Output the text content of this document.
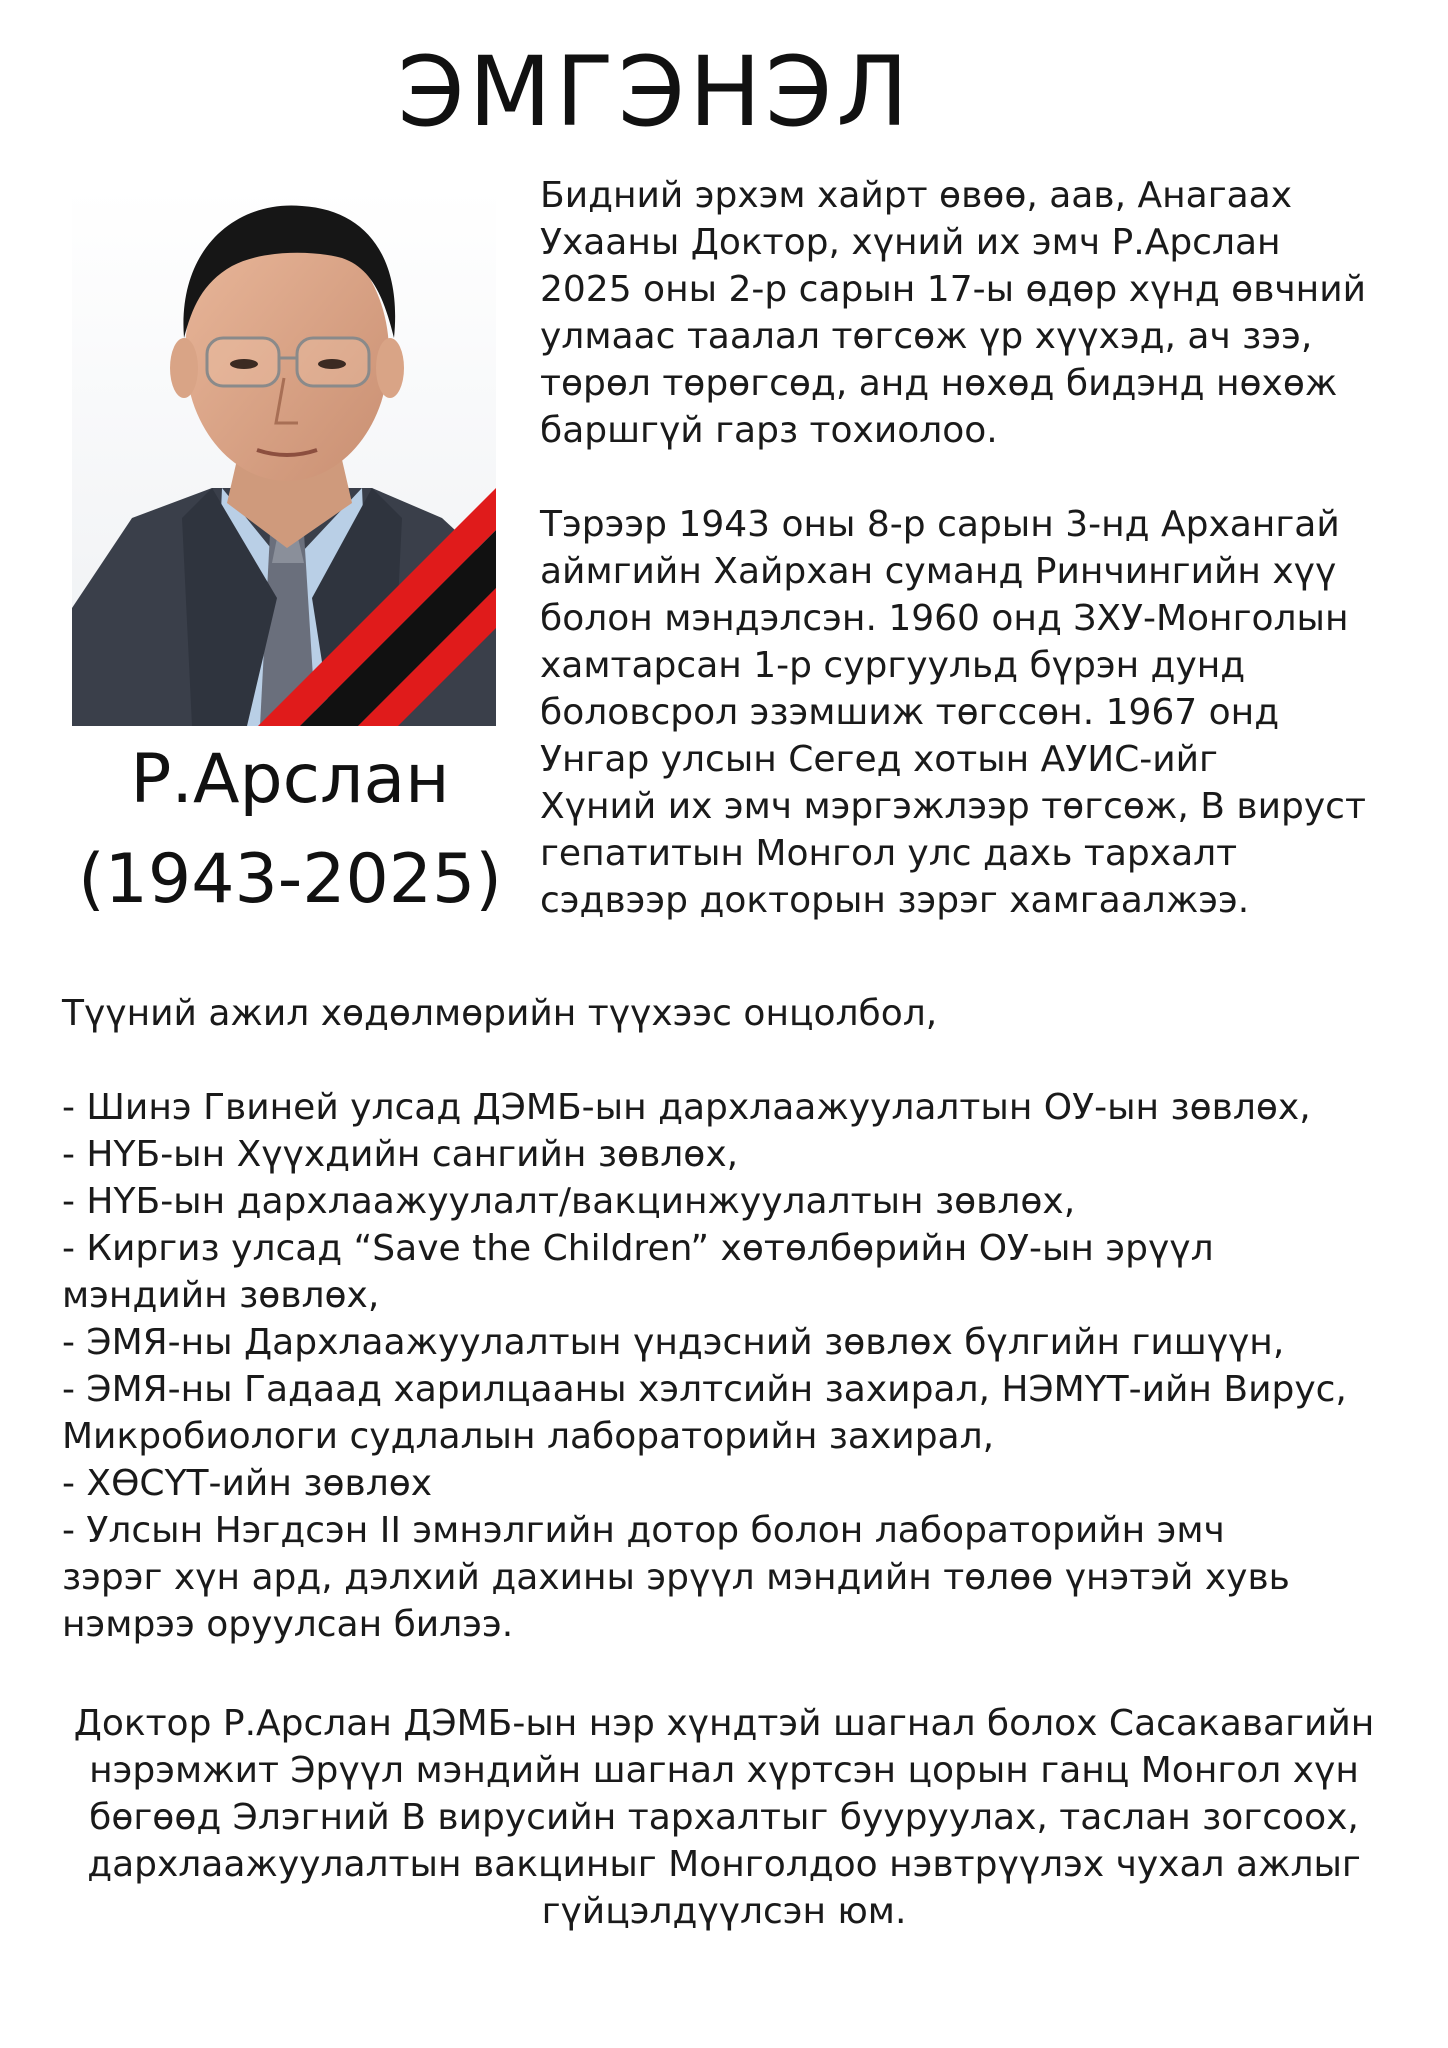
ЭМГЭНЭЛ
Р.Арслан
(1943-2025)

Бидний эрхэм хайрт өвөө, аав, Анагаах
Ухааны Доктор, хүний их эмч Р.Арслан
2025 оны 2-р сарын 17-ы өдөр хүнд өвчний
улмаас таалал төгсөж үр хүүхэд, ач зээ,
төрөл төрөгсөд, анд нөхөд бидэнд нөхөж
баршгүй гарз тохиолоо.

Тэрээр 1943 оны 8-р сарын 3-нд Архангай
аймгийн Хайрхан суманд Ринчингийн хүү
болон мэндэлсэн. 1960 онд ЗХУ-Монголын
хамтарсан 1-р сургуульд бүрэн дунд
боловсрол эзэмшиж төгссөн. 1967 онд
Унгар улсын Сегед хотын АУИС-ийг
Хүний их эмч мэргэжлээр төгсөж, B вируст
гепатитын Монгол улс дахь тархалт
сэдвээр докторын зэрэг хамгаалжээ.

Түүний ажил хөдөлмөрийн түүхээс онцолбол,

- Шинэ Гвиней улсад ДЭМБ-ын дархлаажуулалтын ОУ-ын зөвлөх,
- НҮБ-ын Хүүхдийн сангийн зөвлөх,
- НҮБ-ын дархлаажуулалт/вакцинжуулалтын зөвлөх,
- Киргиз улсад “Save the Children” хөтөлбөрийн ОУ-ын эрүүл
мэндийн зөвлөх,
- ЭМЯ-ны Дархлаажуулалтын үндэсний зөвлөх бүлгийн гишүүн,
- ЭМЯ-ны Гадаад харилцааны хэлтсийн захирал, НЭМҮТ-ийн Вирус,
Микробиологи судлалын лабораторийн захирал,
- ХӨСҮТ-ийн зөвлөх
- Улсын Нэгдсэн II эмнэлгийн дотор болон лабораторийн эмч
зэрэг хүн ард, дэлхий дахины эрүүл мэндийн төлөө үнэтэй хувь
нэмрээ оруулсан билээ.

Доктор Р.Арслан ДЭМБ-ын нэр хүндтэй шагнал болох Сасакавагийн
нэрэмжит Эрүүл мэндийн шагнал хүртсэн цорын ганц Монгол хүн
бөгөөд Элэгний B вирусийн тархалтыг бууруулах, таслан зогсоох,
дархлаажуулалтын вакциныг Монголдоо нэвтрүүлэх чухал ажлыг
гүйцэлдүүлсэн юм.
